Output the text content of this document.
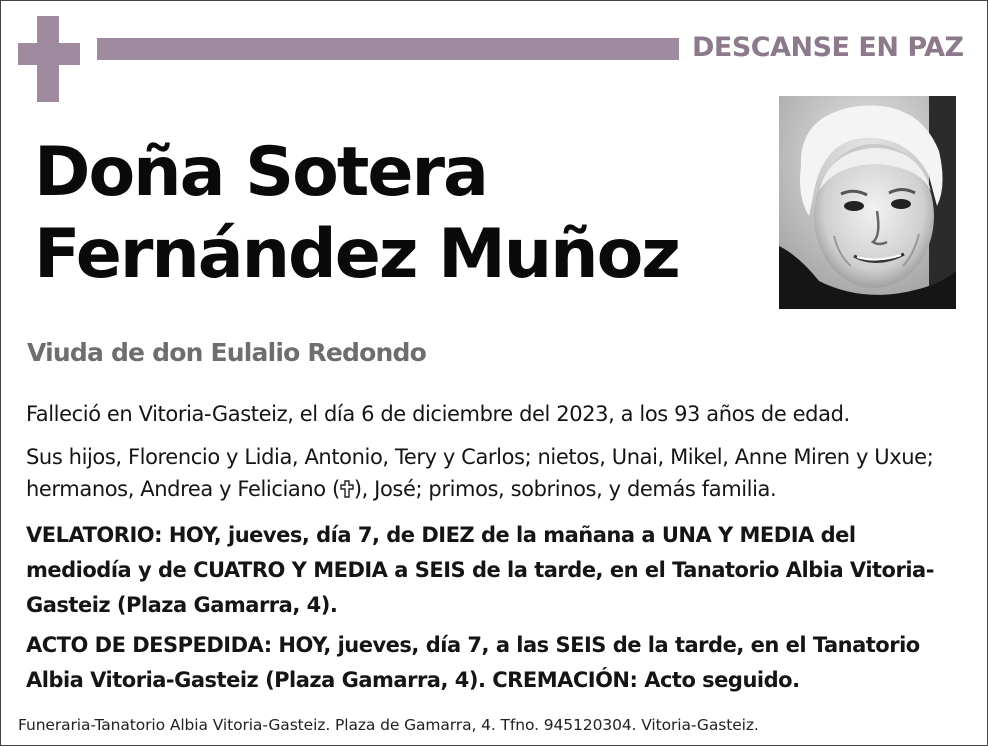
DESCANSE EN PAZ
Doña Sotera
Fernández Muñoz
Viuda de don Eulalio Redondo
Falleció en Vitoria-Gasteiz, el día 6 de diciembre del 2023, a los 93 años de edad.
Sus hijos, Florencio y Lidia, Antonio, Tery y Carlos; nietos, Unai, Mikel, Anne Miren y Uxue; hermanos, Andrea y Feliciano ( ), José; primos, sobrinos, y demás familia.
VELATORIO: HOY, jueves, día 7, de DIEZ de la mañana a UNA Y MEDIA del mediodía y de CUATRO Y MEDIA a SEIS de la tarde, en el Tanatorio Albia Vitoria-Gasteiz (Plaza Gamarra, 4).
ACTO DE DESPEDIDA: HOY, jueves, día 7, a las SEIS de la tarde, en el Tanatorio Albia Vitoria-Gasteiz (Plaza Gamarra, 4). CREMACIÓN: Acto seguido.
Funeraria-Tanatorio Albia Vitoria-Gasteiz. Plaza de Gamarra, 4. Tfno. 945120304. Vitoria-Gasteiz.
